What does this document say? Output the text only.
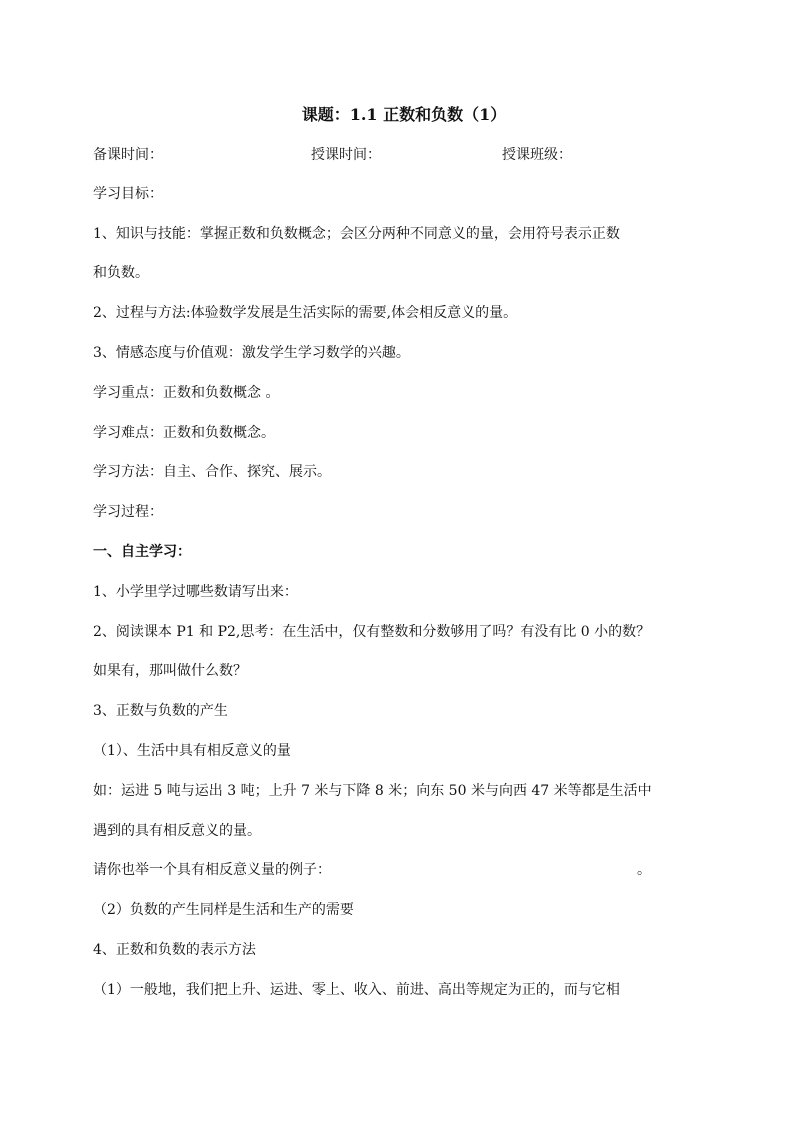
课题：1.1 正数和负数（1）
备课时间：	授课时间：	授课班级：
学习目标：
1、知识与技能：掌握正数和负数概念；会区分两种不同意义的量，会用符号表示正数
和负数。
2、过程与方法:体验数学发展是生活实际的需要,体会相反意义的量。
3、情感态度与价值观：激发学生学习数学的兴趣。
学习重点：正数和负数概念 。
学习难点：正数和负数概念。
学习方法：自主、合作、探究、展示。
学习过程：
一、自主学习：
1、小学里学过哪些数请写出来：
2、阅读课本 P1 和 P2,思考：在生活中，仅有整数和分数够用了吗？有没有比 0 小的数？
如果有，那叫做什么数？
3、正数与负数的产生
（1）、生活中具有相反意义的量
如：运进 5 吨与运出 3 吨；上升 7 米与下降 8 米；向东 50 米与向西 47 米等都是生活中
遇到的具有相反意义的量。
请你也举一个具有相反意义量的例子：	。
（2）负数的产生同样是生活和生产的需要
4、正数和负数的表示方法
（1）一般地，我们把上升、运进、零上、收入、前进、高出等规定为正的，而与它相
